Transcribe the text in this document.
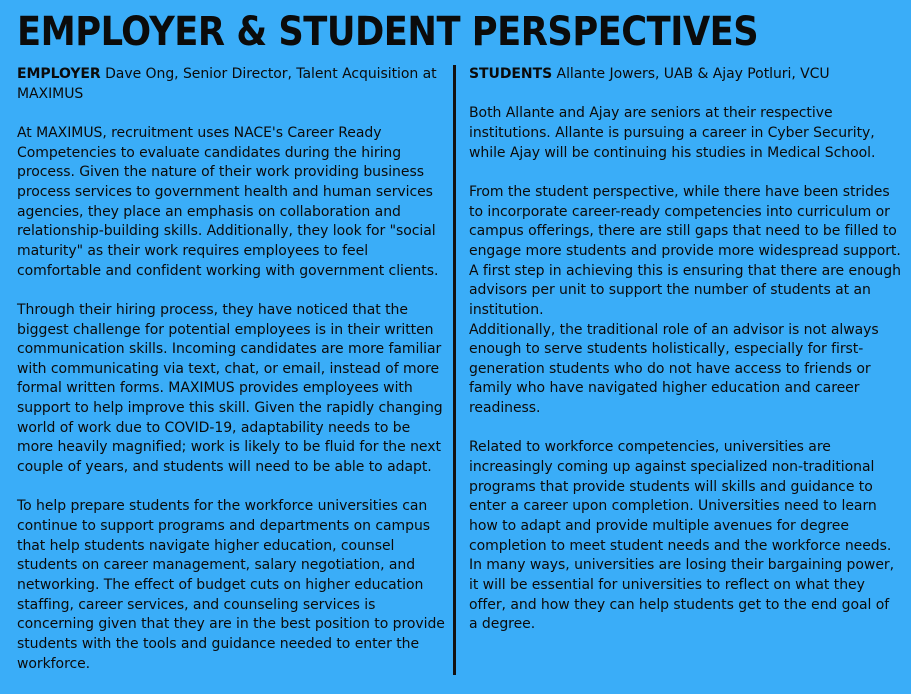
EMPLOYER & STUDENT PERSPECTIVES

EMPLOYER Dave Ong, Senior Director, Talent Acquisition at MAXIMUS

At MAXIMUS, recruitment uses NACE's Career Ready Competencies to evaluate candidates during the hiring process. Given the nature of their work providing business process services to government health and human services agencies, they place an emphasis on collaboration and relationship-building skills. Additionally, they look for "social maturity" as their work requires employees to feel comfortable and confident working with government clients.

Through their hiring process, they have noticed that the biggest challenge for potential employees is in their written communication skills. Incoming candidates are more familiar with communicating via text, chat, or email, instead of more formal written forms. MAXIMUS provides employees with support to help improve this skill. Given the rapidly changing world of work due to COVID-19, adaptability needs to be more heavily magnified; work is likely to be fluid for the next couple of years, and students will need to be able to adapt.

To help prepare students for the workforce universities can continue to support programs and departments on campus that help students navigate higher education, counsel students on career management, salary negotiation, and networking. The effect of budget cuts on higher education staffing, career services, and counseling services is concerning given that they are in the best position to provide students with the tools and guidance needed to enter the workforce.

STUDENTS Allante Jowers, UAB & Ajay Potluri, VCU

Both Allante and Ajay are seniors at their respective institutions. Allante is pursuing a career in Cyber Security, while Ajay will be continuing his studies in Medical School.

From the student perspective, while there have been strides to incorporate career-ready competencies into curriculum or campus offerings, there are still gaps that need to be filled to engage more students and provide more widespread support. A first step in achieving this is ensuring that there are enough advisors per unit to support the number of students at an institution.

Additionally, the traditional role of an advisor is not always enough to serve students holistically, especially for first-generation students who do not have access to friends or family who have navigated higher education and career readiness.

Related to workforce competencies, universities are increasingly coming up against specialized non-traditional programs that provide students will skills and guidance to enter a career upon completion. Universities need to learn how to adapt and provide multiple avenues for degree completion to meet student needs and the workforce needs. In many ways, universities are losing their bargaining power, it will be essential for universities to reflect on what they offer, and how they can help students get to the end goal of a degree.
